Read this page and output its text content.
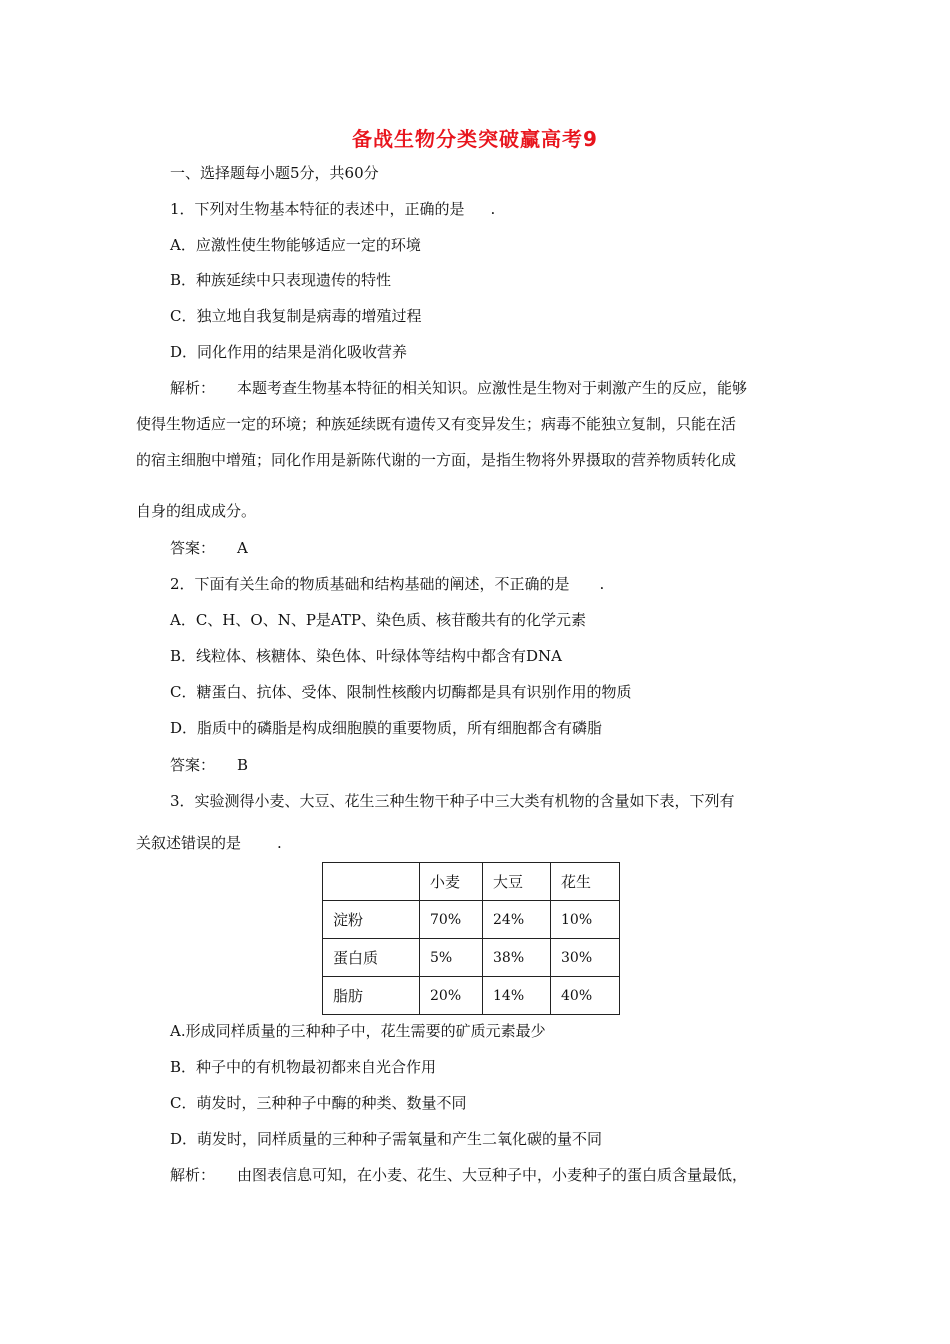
备战生物分类突破赢高考9
一、选择题每小题5分，共60分
1．下列对生物基本特征的表述中，正确的是 .
A．应激性使生物能够适应一定的环境
B．种族延续中只表现遗传的特性
C．独立地自我复制是病毒的增殖过程
D．同化作用的结果是消化吸收营养
解析： 本题考查生物基本特征的相关知识。应激性是生物对于刺激产生的反应，能够
使得生物适应一定的环境；种族延续既有遗传又有变异发生；病毒不能独立复制，只能在活
的宿主细胞中增殖；同化作用是新陈代谢的一方面，是指生物将外界摄取的营养物质转化成
自身的组成成分。
答案： A
2．下面有关生命的物质基础和结构基础的阐述，不正确的是 .
A．C、H、O、N、P是ATP、染色质、核苷酸共有的化学元素
B．线粒体、核糖体、染色体、叶绿体等结构中都含有DNA
C．糖蛋白、抗体、受体、限制性核酸内切酶都是具有识别作用的物质
D．脂质中的磷脂是构成细胞膜的重要物质，所有细胞都含有磷脂
答案： B
3．实验测得小麦、大豆、花生三种生物干种子中三大类有机物的含量如下表，下列有
关叙述错误的是 .
	小麦	大豆	花生
淀粉	70%	24%	10%
蛋白质	5%	38%	30%
脂肪	20%	14%	40%
A.形成同样质量的三种种子中，花生需要的矿质元素最少
B．种子中的有机物最初都来自光合作用
C．萌发时，三种种子中酶的种类、数量不同
D．萌发时，同样质量的三种种子需氧量和产生二氧化碳的量不同
解析： 由图表信息可知，在小麦、花生、大豆种子中，小麦种子的蛋白质含量最低，
